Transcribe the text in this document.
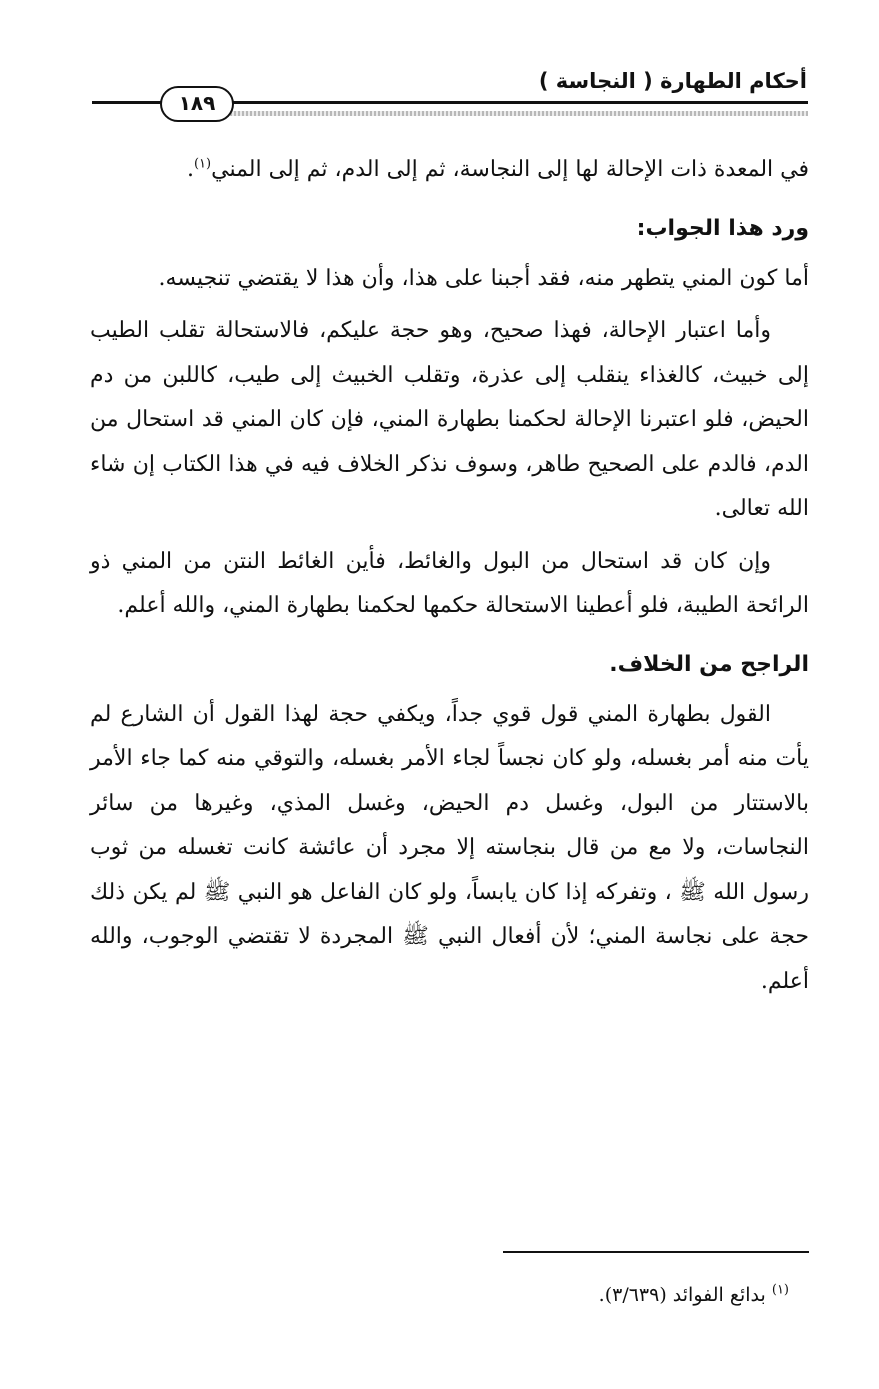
أحكام الطهارة ( النجاسة )
١٨٩

في المعدة ذات الإحالة لها إلى النجاسة، ثم إلى الدم، ثم إلى المني$^{(١)}$.

ورد هذا الجواب:

أما كون المني يتطهر منه، فقد أجبنا على هذا، وأن هذا لا يقتضي تنجيسه.

وأما اعتبار الإحالة، فهذا صحيح، وهو حجة عليكم، فالاستحالة تقلب الطيب إلى خبيث، كالغذاء ينقلب إلى عذرة، وتقلب الخبيث إلى طيب، كاللبن من دم الحيض، فلو اعتبرنا الإحالة لحكمنا بطهارة المني، فإن كان المني قد استحال من الدم، فالدم على الصحيح طاهر، وسوف نذكر الخلاف فيه في هذا الكتاب إن شاء الله تعالى.

وإن كان قد استحال من البول والغائط، فأين الغائط النتن من المني ذو الرائحة الطيبة، فلو أعطينا الاستحالة حكمها لحكمنا بطهارة المني، والله أعلم.

الراجح من الخلاف.

القول بطهارة المني قول قوي جداً، ويكفي حجة لهذا القول أن الشارع لم يأت منه أمر بغسله، ولو كان نجساً لجاء الأمر بغسله، والتوقي منه كما جاء الأمر بالاستتار من البول، وغسل دم الحيض، وغسل المذي، وغيرها من سائر النجاسات، ولا مع من قال بنجاسته إلا مجرد أن عائشة كانت تغسله من ثوب رسول الله ﷺ ، وتفركه إذا كان يابساً، ولو كان الفاعل هو النبي ﷺ لم يكن ذلك حجة على نجاسة المني؛ لأن أفعال النبي ﷺ المجردة لا تقتضي الوجوب، والله أعلم.

$^{(١)}$ بدائع الفوائد (٣/٦٣٩).
